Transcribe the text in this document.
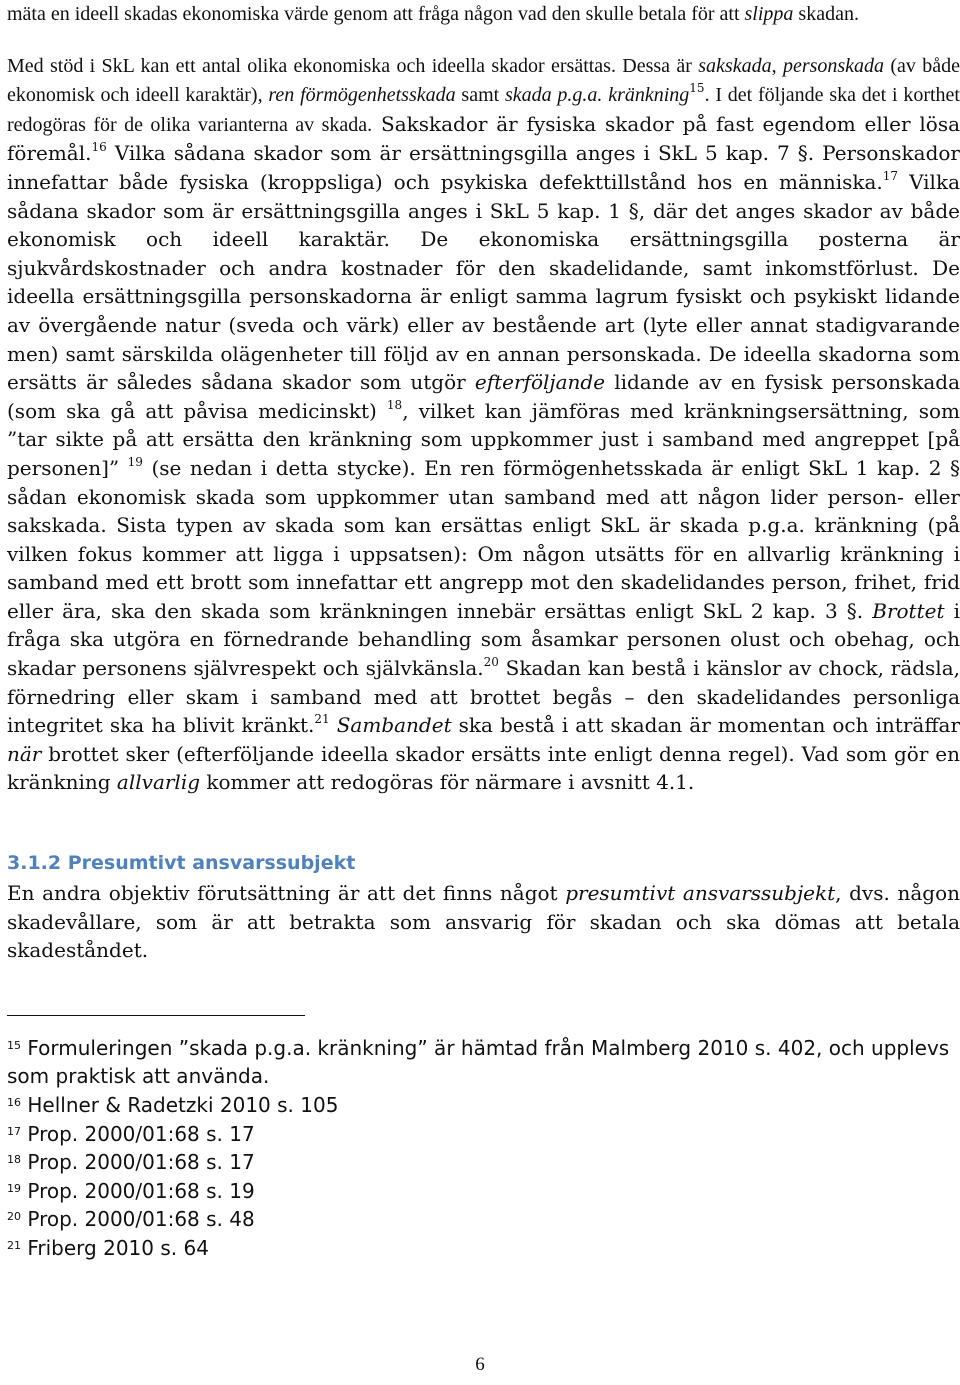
mäta en ideell skadas ekonomiska värde genom att fråga någon vad den skulle betala för att slippa skadan.

Med stöd i SkL kan ett antal olika ekonomiska och ideella skador ersättas. Dessa är sakskada, personskada (av både ekonomisk och ideell karaktär), ren förmögenhetsskada samt skada p.g.a. kränkning$^{15}$. I det följande ska det i korthet redogöras för de olika varianterna av skada. Sakskador är fysiska skador på fast egendom eller lösa föremål.$^{16}$ Vilka sådana skador som är ersättningsgilla anges i SkL 5 kap. 7 §. Personskador innefattar både fysiska (kroppsliga) och psykiska defekttillstånd hos en människa.$^{17}$ Vilka sådana skador som är ersättningsgilla anges i SkL 5 kap. 1 §, där det anges skador av både ekonomisk och ideell karaktär. De ekonomiska ersättningsgilla posterna är sjukvårdskostnader och andra kostnader för den skadelidande, samt inkomstförlust. De ideella ersättningsgilla personskadorna är enligt samma lagrum fysiskt och psykiskt lidande av övergående natur (sveda och värk) eller av bestående art (lyte eller annat stadigvarande men) samt särskilda olägenheter till följd av en annan personskada. De ideella skadorna som ersätts är således sådana skador som utgör efterföljande lidande av en fysisk personskada (som ska gå att påvisa medicinskt) $^{18}$, vilket kan jämföras med kränkningsersättning, som ”tar sikte på att ersätta den kränkning som uppkommer just i samband med angreppet [på personen]” $^{19}$ (se nedan i detta stycke). En ren förmögenhetsskada är enligt SkL 1 kap. 2 § sådan ekonomisk skada som uppkommer utan samband med att någon lider person- eller sakskada. Sista typen av skada som kan ersättas enligt SkL är skada p.g.a. kränkning (på vilken fokus kommer att ligga i uppsatsen): Om någon utsätts för en allvarlig kränkning i samband med ett brott som innefattar ett angrepp mot den skadelidandes person, frihet, frid eller ära, ska den skada som kränkningen innebär ersättas enligt SkL 2 kap. 3 §. Brottet i fråga ska utgöra en förnedrande behandling som åsamkar personen olust och obehag, och skadar personens självrespekt och självkänsla.$^{20}$ Skadan kan bestå i känslor av chock, rädsla, förnedring eller skam i samband med att brottet begås – den skadelidandes personliga integritet ska ha blivit kränkt.$^{21}$ Sambandet ska bestå i att skadan är momentan och inträffar när brottet sker (efterföljande ideella skador ersätts inte enligt denna regel). Vad som gör en kränkning allvarlig kommer att redogöras för närmare i avsnitt 4.1.

3.1.2 Presumtivt ansvarssubjekt

En andra objektiv förutsättning är att det finns något presumtivt ansvarssubjekt, dvs. någon skadevållare, som är att betrakta som ansvarig för skadan och ska dömas att betala skadeståndet.

$^{15}$ Formuleringen ”skada p.g.a. kränkning” är hämtad från Malmberg 2010 s. 402, och upplevs som praktisk att använda.

$^{16}$ Hellner & Radetzki 2010 s. 105

$^{17}$ Prop. 2000/01:68 s. 17

$^{18}$ Prop. 2000/01:68 s. 17

$^{19}$ Prop. 2000/01:68 s. 19

$^{20}$ Prop. 2000/01:68 s. 48

$^{21}$ Friberg 2010 s. 64

6
